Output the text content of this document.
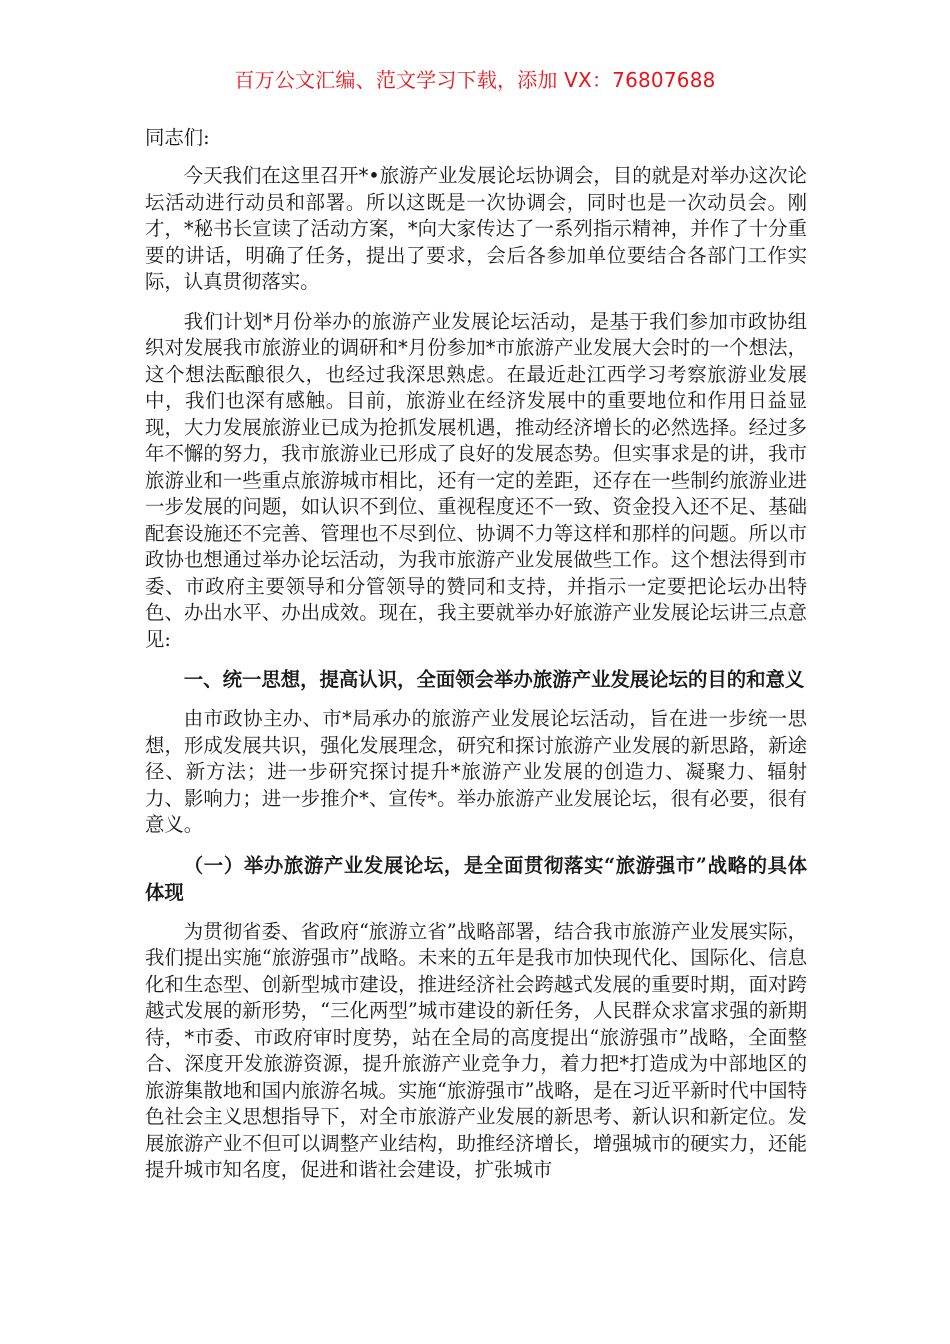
百万公文汇编、范文学习下载，添加 VX：76807688
同志们:

今天我们在这里召开*•旅游产业发展论坛协调会，目的就是对举办这次论坛活动进行动员和部署。所以这既是一次协调会，同时也是一次动员会。刚才，*秘书长宣读了活动方案，*向大家传达了一系列指示精神，并作了十分重要的讲话，明确了任务，提出了要求，会后各参加单位要结合各部门工作实际，认真贯彻落实。

我们计划*月份举办的旅游产业发展论坛活动，是基于我们参加市政协组织对发展我市旅游业的调研和*月份参加*市旅游产业发展大会时的一个想法，这个想法酝酿很久，也经过我深思熟虑。在最近赴江西学习考察旅游业发展中，我们也深有感触。目前，旅游业在经济发展中的重要地位和作用日益显现，大力发展旅游业已成为抢抓发展机遇，推动经济增长的必然选择。经过多年不懈的努力，我市旅游业已形成了良好的发展态势。但实事求是的讲，我市旅游业和一些重点旅游城市相比，还有一定的差距，还存在一些制约旅游业进一步发展的问题，如认识不到位、重视程度还不一致、资金投入还不足、基础配套设施还不完善、管理也不尽到位、协调不力等这样和那样的问题。所以市政协也想通过举办论坛活动，为我市旅游产业发展做些工作。这个想法得到市委、市政府主要领导和分管领导的赞同和支持，并指示一定要把论坛办出特色、办出水平、办出成效。现在，我主要就举办好旅游产业发展论坛讲三点意见:

一、统一思想，提高认识，全面领会举办旅游产业发展论坛的目的和意义

由市政协主办、市*局承办的旅游产业发展论坛活动，旨在进一步统一思想，形成发展共识，强化发展理念，研究和探讨旅游产业发展的新思路，新途径、新方法；进一步研究探讨提升*旅游产业发展的创造力、凝聚力、辐射力、影响力；进一步推介*、宣传*。举办旅游产业发展论坛，很有必要，很有意义。

（一）举办旅游产业发展论坛，是全面贯彻落实“旅游强市”战略的具体体现

为贯彻省委、省政府“旅游立省”战略部署，结合我市旅游产业发展实际，我们提出实施“旅游强市”战略。未来的五年是我市加快现代化、国际化、信息化和生态型、创新型城市建设，推进经济社会跨越式发展的重要时期，面对跨越式发展的新形势，“三化两型”城市建设的新任务，人民群众求富求强的新期待，*市委、市政府审时度势，站在全局的高度提出“旅游强市”战略，全面整合、深度开发旅游资源，提升旅游产业竞争力，着力把*打造成为中部地区的旅游集散地和国内旅游名城。实施“旅游强市”战略，是在习近平新时代中国特色社会主义思想指导下，对全市旅游产业发展的新思考、新认识和新定位。发展旅游产业不但可以调整产业结构，助推经济增长，增强城市的硬实力，还能提升城市知名度，促进和谐社会建设，扩张城市
